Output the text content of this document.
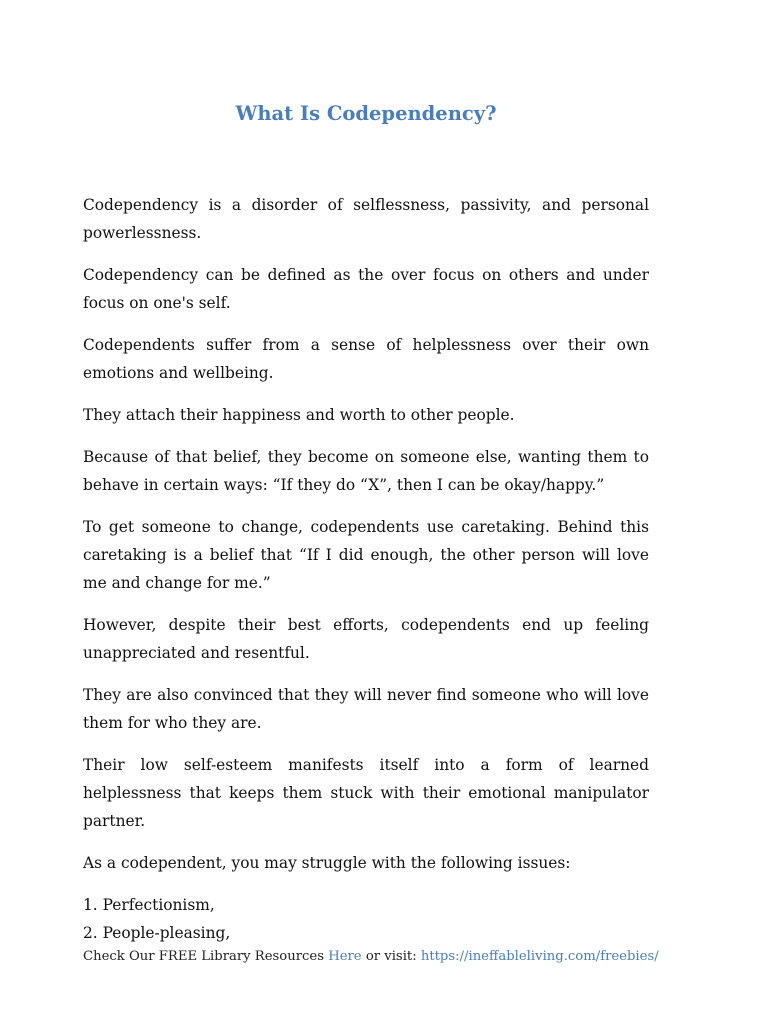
What Is Codependency?

Codependency is a disorder of selflessness, passivity, and personal powerlessness.

Codependency can be defined as the over focus on others and under focus on one's self.

Codependents suffer from a sense of helplessness over their own emotions and wellbeing.

They attach their happiness and worth to other people.

Because of that belief, they become on someone else, wanting them to behave in certain ways: “If they do “X”, then I can be okay/happy.”

To get someone to change, codependents use caretaking. Behind this caretaking is a belief that “If I did enough, the other person will love me and change for me.”

However, despite their best efforts, codependents end up feeling unappreciated and resentful.

They are also convinced that they will never find someone who will love them for who they are.

Their low self-esteem manifests itself into a form of learned helplessness that keeps them stuck with their emotional manipulator partner.

As a codependent, you may struggle with the following issues:

1. Perfectionism,
2. People-pleasing,
Check Our FREE Library Resources Here or visit: https://ineffableliving.com/freebies/
